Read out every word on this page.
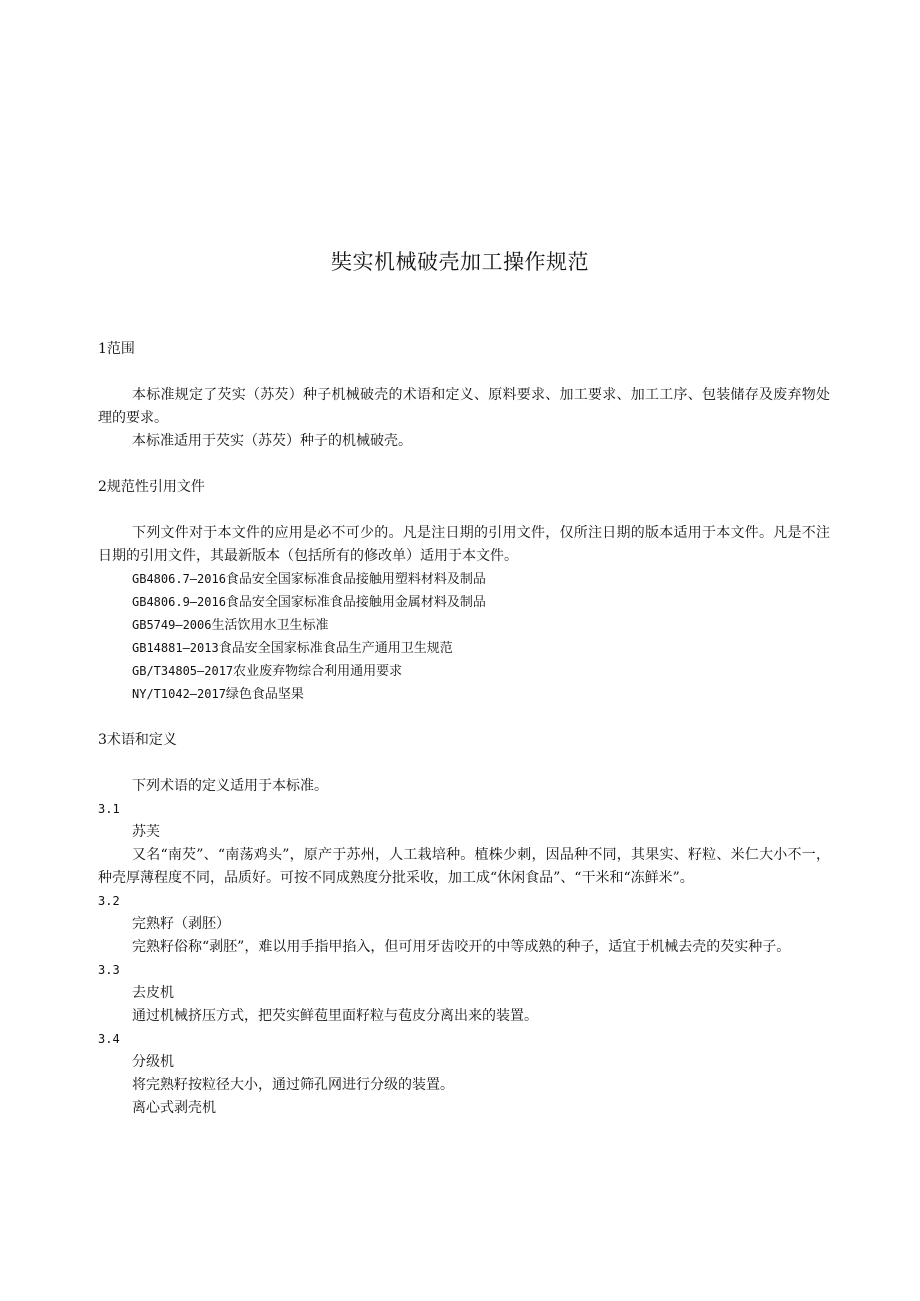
奘实机械破壳加工操作规范

1范围

本标准规定了芡实（苏芡）种子机械破壳的术语和定义、原料要求、加工要求、加工工序、包装储存及废弃物处理的要求。

本标准适用于芡实（苏芡）种子的机械破壳。

2规范性引用文件

下列文件对于本文件的应用是必不可少的。凡是注日期的引用文件，仅所注日期的版本适用于本文件。凡是不注日期的引用文件，其最新版本（包括所有的修改单）适用于本文件。

GB4806.7—2016食品安全国家标准食品接触用塑料材料及制品

GB4806.9—2016食品安全国家标准食品接触用金属材料及制品

GB5749—2006生活饮用水卫生标准

GB14881—2013食品安全国家标准食品生产通用卫生规范

GB/T34805—2017农业废弃物综合利用通用要求

NY/T1042—2017绿色食品坚果

3术语和定义

下列术语的定义适用于本标准。

3.1

苏芙

又名“南芡”、“南荡鸡头”，原产于苏州，人工栽培种。植株少刺，因品种不同，其果实、籽粒、米仁大小不一，种壳厚薄程度不同，品质好。可按不同成熟度分批采收，加工成“休闲食品”、“干米和“冻鲜米”。

3.2

完熟籽（剥胚）

完熟籽俗称“剥胚”，难以用手指甲掐入，但可用牙齿咬开的中等成熟的种子，适宜于机械去壳的芡实种子。

3.3

去皮机

通过机械挤压方式，把芡实鲜苞里面籽粒与苞皮分离出来的装置。

3.4

分级机

将完熟籽按粒径大小，通过筛孔网进行分级的装置。

离心式剥壳机
